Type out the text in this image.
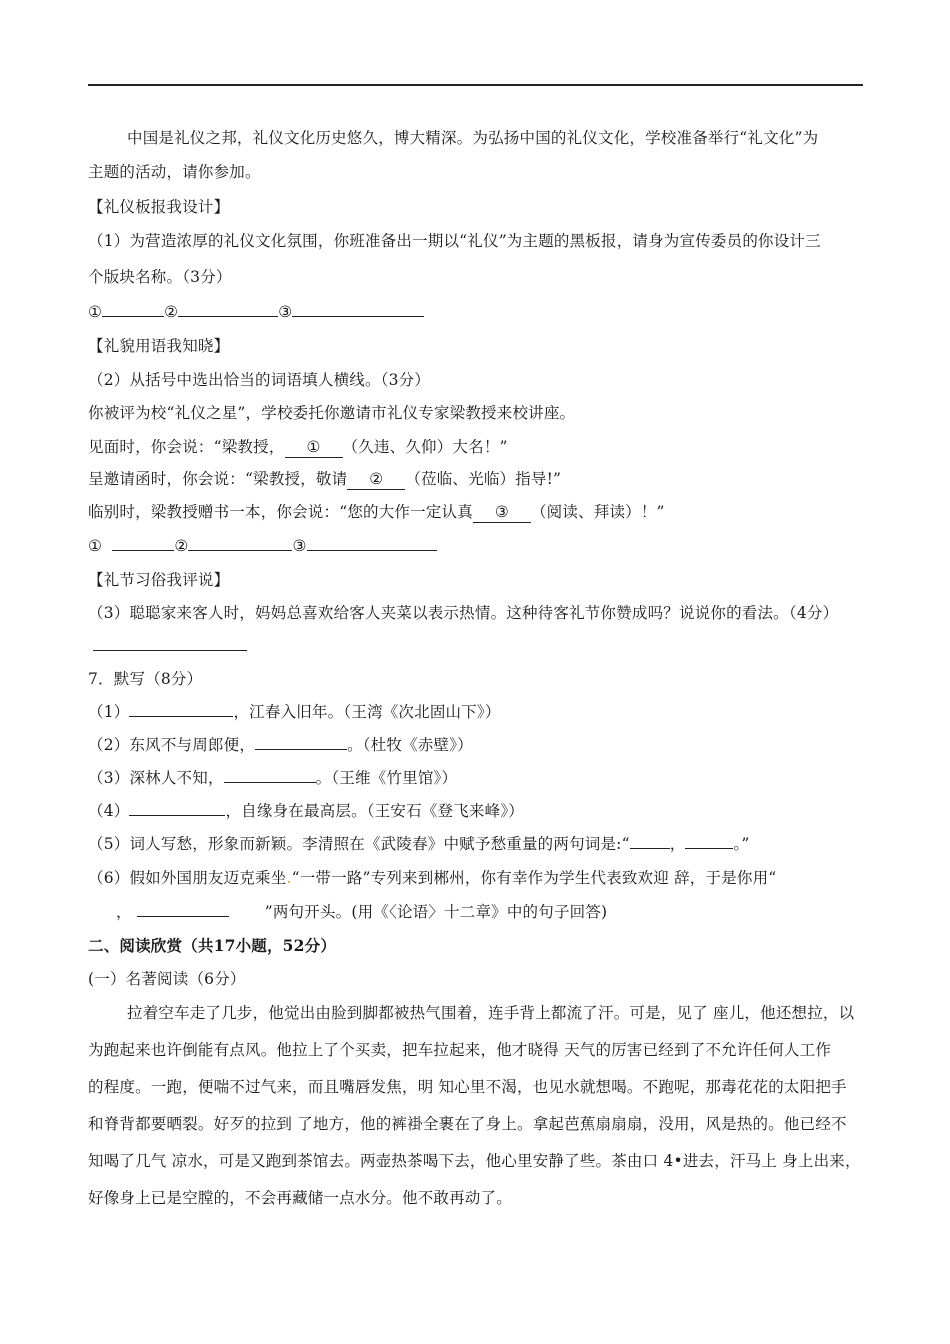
中国是礼仪之邦，礼仪文化历史悠久，博大精深。为弘扬中国的礼仪文化，学校准备举行“礼文化”为
主题的活动，请你参加。
【礼仪板报我设计】
（1）为营造浓厚的礼仪文化氛围，你班准备出一期以“礼仪”为主题的黑板报，请身为宣传委员的你设计三
个版块名称。（3分）
①	②	③
【礼貌用语我知晓】
（2）从括号中选出恰当的词语填人横线。（3分）
你被评为校“礼仪之星”，学校委托你邀请市礼仪专家梁教授来校讲座。
见面时，你会说：“梁教授， ① （久违、久仰）大名！”
呈邀请函时，你会说：“梁教授，敬请 ② （莅临、光临）指导!”
临别时，梁教授赠书一本，你会说：“您的大作一定认真 ③ （阅读、拜读）！”
①	②	③
【礼节习俗我评说】
（3）聪聪家来客人时，妈妈总喜欢给客人夹菜以表示热情。这种待客礼节你赞成吗？说说你的看法。（4分）

7．默写（8分）
（1）	，江春入旧年。（王湾《次北固山下》）
（2）东风不与周郎便，	。（杜牧《赤壁》）
（3）深林人不知，	。（王维《竹里馆》）
（4）	，自缘身在最高层。（王安石《登飞来峰》）
（5）词人写愁，形象而新颖。李清照在《武陵春》中赋予愁重量的两句词是:“	，	。”
（6）假如外国朋友迈克乘坐.“一带一路”专列来到郴州，你有幸作为学生代表致欢迎 辞，于是你用“
，	”两句开头。(用《〈论语〉十二章》中的句子回答)
二、阅读欣赏（共17小题，52分）
(一）名著阅读（6分）
拉着空车走了几步，他觉出由脸到脚都被热气围着，连手背上都流了汗。可是，见了 座儿，他还想拉，以
为跑起来也许倒能有点风。他拉上了个买卖，把车拉起来，他才晓得 天气的厉害已经到了不允许任何人工作
的程度。一跑，便喘不过气来，而且嘴唇发焦，明 知心里不渴，也见水就想喝。不跑呢，那毒花花的太阳把手
和脊背都要晒裂。好歹的拉到 了地方，他的裤褂全裹在了身上。拿起芭蕉扇扇扇，没用，风是热的。他已经不
知喝了几气 凉水，可是又跑到茶馆去。两壶热茶喝下去，他心里安静了些。茶由口 4•进去，汗马上 身上出来，
好像身上已是空膛的，不会再藏储一点水分。他不敢再动了。
